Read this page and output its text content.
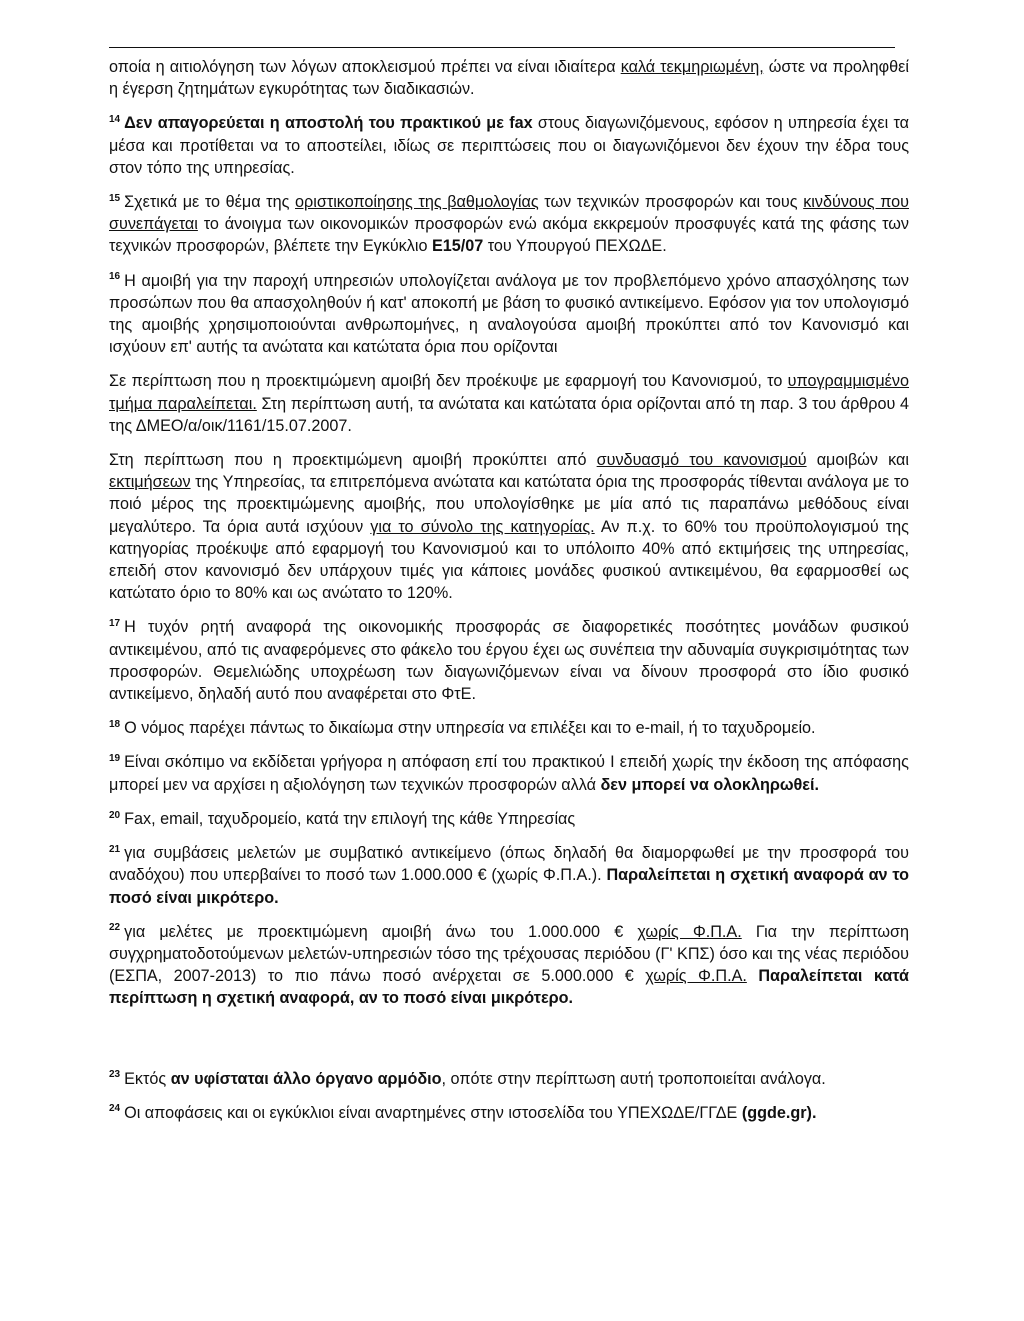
οποία η αιτιολόγηση των λόγων αποκλεισμού πρέπει να είναι ιδιαίτερα καλά τεκμηριωμένη, ώστε να προληφθεί η έγερση ζητημάτων εγκυρότητας των διαδικασιών.

$^{14}$ Δεν απαγορεύεται η αποστολή του πρακτικού με fax στους διαγωνιζόμενους, εφόσον η υπηρεσία έχει τα μέσα και προτίθεται να το αποστείλει, ιδίως σε περιπτώσεις που οι διαγωνιζόμενοι δεν έχουν την έδρα τους στον τόπο της υπηρεσίας.

$^{15}$ Σχετικά με το θέμα της οριστικοποίησης της βαθμολογίας των τεχνικών προσφορών και τους κινδύνους που συνεπάγεται το άνοιγμα των οικονομικών προσφορών ενώ ακόμα εκκρεμούν προσφυγές κατά της φάσης των τεχνικών προσφορών, βλέπετε την Εγκύκλιο Ε15/07 του Υπουργού ΠΕΧΩΔΕ.

$^{16}$ Η αμοιβή για την παροχή υπηρεσιών υπολογίζεται ανάλογα με τον προβλεπόμενο χρόνο απασχόλησης των προσώπων που θα απασχοληθούν ή κατ' αποκοπή με βάση το φυσικό αντικείμενο. Εφόσον για τον υπολογισμό της αμοιβής χρησιμοποιούνται ανθρωπομήνες, η αναλογούσα αμοιβή προκύπτει από τον Κανονισμό και ισχύουν επ' αυτής τα ανώτατα και κατώτατα όρια που ορίζονται

Σε περίπτωση που η προεκτιμώμενη αμοιβή δεν προέκυψε με εφαρμογή του Κανονισμού, το υπογραμμισμένο τμήμα παραλείπεται. Στη περίπτωση αυτή, τα ανώτατα και κατώτατα όρια ορίζονται από τη παρ. 3 του άρθρου 4 της ΔΜΕΟ/α/οικ/1161/15.07.2007.

Στη περίπτωση που η προεκτιμώμενη αμοιβή προκύπτει από συνδυασμό του κανονισμού αμοιβών και εκτιμήσεων της Υπηρεσίας, τα επιτρεπόμενα ανώτατα και κατώτατα όρια της προσφοράς τίθενται ανάλογα με το ποιό μέρος της προεκτιμώμενης αμοιβής, που υπολογίσθηκε με μία από τις παραπάνω μεθόδους είναι μεγαλύτερο. Τα όρια αυτά ισχύουν για το σύνολο της κατηγορίας. Αν π.χ. το 60% του προϋπολογισμού της κατηγορίας προέκυψε από εφαρμογή του Κανονισμού και το υπόλοιπο 40% από εκτιμήσεις της υπηρεσίας, επειδή στον κανονισμό δεν υπάρχουν τιμές για κάποιες μονάδες φυσικού αντικειμένου, θα εφαρμοσθεί ως κατώτατο όριο το 80% και ως ανώτατο το 120%.

$^{17}$ Η τυχόν ρητή αναφορά της οικονομικής προσφοράς σε διαφορετικές ποσότητες μονάδων φυσικού αντικειμένου, από τις αναφερόμενες στο φάκελο του έργου έχει ως συνέπεια την αδυναμία συγκρισιμότητας των προσφορών. Θεμελιώδης υποχρέωση των διαγωνιζόμενων είναι να δίνουν προσφορά στο ίδιο φυσικό αντικείμενο, δηλαδή αυτό που αναφέρεται στο ΦτΕ.

$^{18}$ Ο νόμος παρέχει πάντως το δικαίωμα στην υπηρεσία να επιλέξει και το e-mail, ή το ταχυδρομείο.

$^{19}$ Είναι σκόπιμο να εκδίδεται γρήγορα η απόφαση επί του πρακτικού Ι επειδή χωρίς την έκδοση της απόφασης μπορεί μεν να αρχίσει η αξιολόγηση των τεχνικών προσφορών αλλά δεν μπορεί να ολοκληρωθεί.

$^{20}$ Fax, email, ταχυδρομείο, κατά την επιλογή της κάθε Υπηρεσίας

$^{21}$ για συμβάσεις μελετών με συμβατικό αντικείμενο (όπως δηλαδή θα διαμορφωθεί με την προσφορά του αναδόχου) που υπερβαίνει το ποσό των 1.000.000 € (χωρίς Φ.Π.Α.). Παραλείπεται η σχετική αναφορά αν το ποσό είναι μικρότερο.

$^{22}$ για μελέτες με προεκτιμώμενη αμοιβή άνω του 1.000.000 € χωρίς Φ.Π.Α. Για την περίπτωση συγχρηματοδοτούμενων μελετών-υπηρεσιών τόσο της τρέχουσας περιόδου (Γ' ΚΠΣ) όσο και της νέας περιόδου (ΕΣΠΑ, 2007-2013) το πιο πάνω ποσό ανέρχεται σε 5.000.000 € χωρίς Φ.Π.Α. Παραλείπεται κατά περίπτωση η σχετική αναφορά, αν το ποσό είναι μικρότερο.

$^{23}$ Εκτός αν υφίσταται άλλο όργανο αρμόδιο, οπότε στην περίπτωση αυτή τροποποιείται ανάλογα.

$^{24}$ Οι αποφάσεις και οι εγκύκλιοι είναι αναρτημένες στην ιστοσελίδα του ΥΠΕΧΩΔΕ/ΓΓΔΕ (ggde.gr).
